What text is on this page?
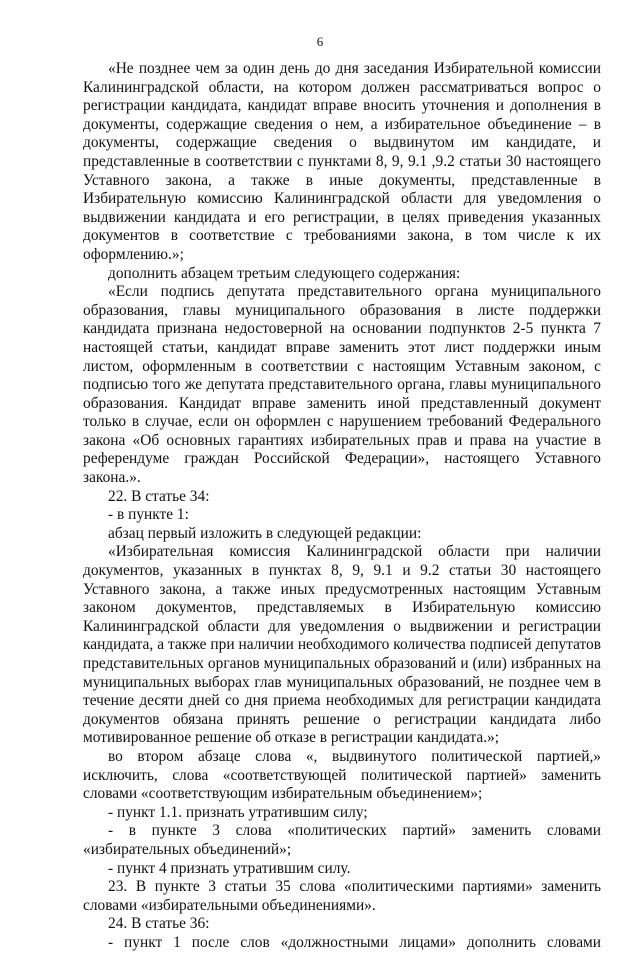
6

«Не позднее чем за один день до дня заседания Избирательной комиссии Калининградской области, на котором должен рассматриваться вопрос о регистрации кандидата, кандидат вправе вносить уточнения и дополнения в документы, содержащие сведения о нем, а избирательное объединение – в документы, содержащие сведения о выдвинутом им кандидате, и представленные в соответствии с пунктами 8, 9, 9.1 ,9.2 статьи 30 настоящего Уставного закона, а также в иные документы, представленные в Избирательную комиссию Калининградской области для уведомления о выдвижении кандидата и его регистрации, в целях приведения указанных документов в соответствие с требованиями закона, в том числе к их оформлению.»;

дополнить абзацем третьим следующего содержания:

«Если подпись депутата представительного органа муниципального образования, главы муниципального образования в листе поддержки кандидата признана недостоверной на основании подпунктов 2-5 пункта 7 настоящей статьи, кандидат вправе заменить этот лист поддержки иным листом, оформленным в соответствии с настоящим Уставным законом, с подписью того же депутата представительного органа, главы муниципального образования. Кандидат вправе заменить иной представленный документ только в случае, если он оформлен с нарушением требований Федерального закона «Об основных гарантиях избирательных прав и права на участие в референдуме граждан Российской Федерации», настоящего Уставного закона.».

22. В статье 34:

- в пункте 1:

абзац первый изложить в следующей редакции:

«Избирательная комиссия Калининградской области при наличии документов, указанных в пунктах 8, 9, 9.1 и 9.2 статьи 30 настоящего Уставного закона, а также иных предусмотренных настоящим Уставным законом документов, представляемых в Избирательную комиссию Калининградской области для уведомления о выдвижении и регистрации кандидата, а также при наличии необходимого количества подписей депутатов представительных органов муниципальных образований и (или) избранных на муниципальных выборах глав муниципальных образований, не позднее чем в течение десяти дней со дня приема необходимых для регистрации кандидата документов обязана принять решение о регистрации кандидата либо мотивированное решение об отказе в регистрации кандидата.»;

во втором абзаце слова «, выдвинутого политической партией,» исключить, слова «соответствующей политической партией» заменить словами «соответствующим избирательным объединением»;

- пункт 1.1. признать утратившим силу;

- в пункте 3 слова «политических партий» заменить словами «избирательных объединений»;

- пункт 4 признать утратившим силу.

23. В пункте 3 статьи 35 слова «политическими партиями» заменить словами «избирательными объединениями».

24. В статье 36:

- пункт 1 после слов «должностными лицами» дополнить словами
